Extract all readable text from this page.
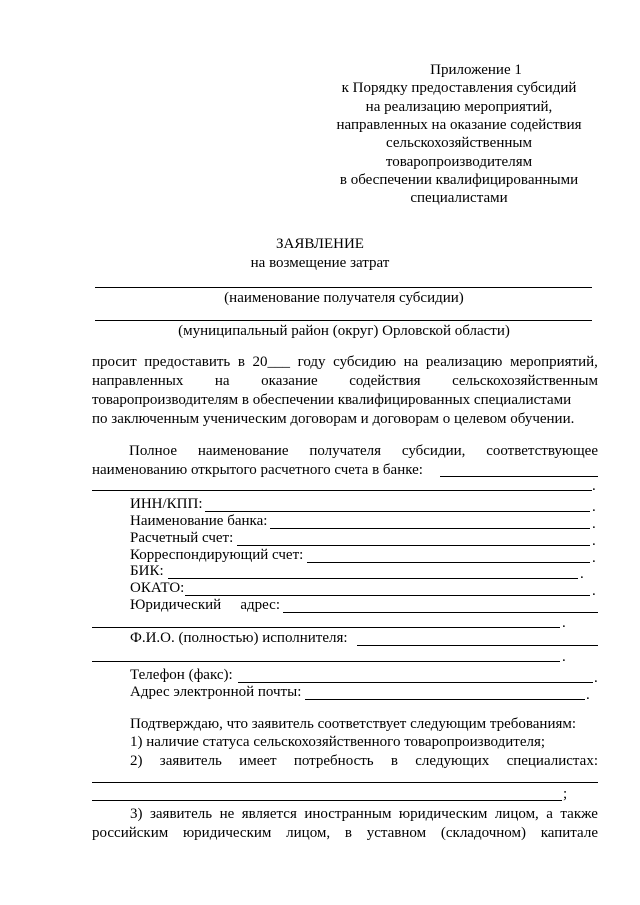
Приложение 1
к Порядку предоставления субсидий
на реализацию мероприятий,
направленных на оказание содействия
сельскохозяйственным
товаропроизводителям
в обеспечении квалифицированными
специалистами
ЗАЯВЛЕНИЕ
на возмещение затрат
(наименование получателя субсидии)
(муниципальный район (округ) Орловской области)
просит предоставить в 20___ году субсидию на реализацию мероприятий,
направленных на оказание содействия сельскохозяйственным
товаропроизводителям в обеспечении квалифицированных специалистами
по заключенным ученическим договорам и договорам о целевом обучении.
Полное наименование получателя субсидии, соответствующее
наименованию открытого расчетного счета в банке:
.
ИНН/КПП:	.
Наименование банка:	.
Расчетный счет:	.
Корреспондирующий счет:	.
БИК:	.
ОКАТО:	.
Юридический адрес:
.
Ф.И.О. (полностью) исполнителя:
.
Телефон (факс):	.
Адрес электронной почты:	.
Подтверждаю, что заявитель соответствует следующим требованиям:
1) наличие статуса сельскохозяйственного товаропроизводителя;
2) заявитель имеет потребность в следующих специалистах:
;
3) заявитель не является иностранным юридическим лицом, а также
российским юридическим лицом, в уставном (складочном) капитале
